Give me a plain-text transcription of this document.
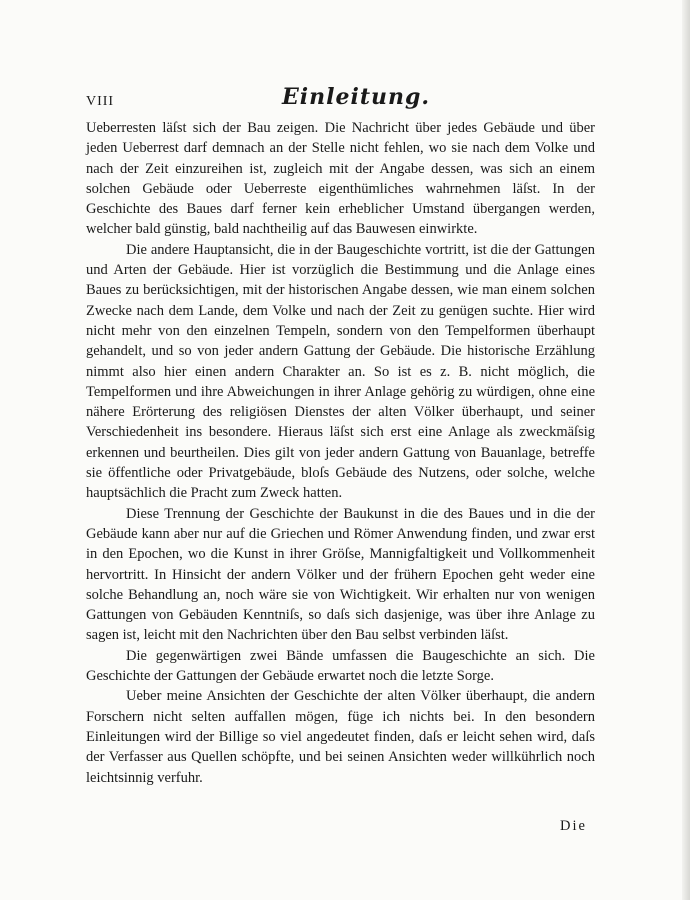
VIII	Einleitung.

Ueberresten läſst sich der Bau zeigen. Die Nachricht über jedes Gebäude und über jeden Ueberrest darf demnach an der Stelle nicht fehlen, wo sie nach dem Volke und nach der Zeit einzureihen ist, zugleich mit der Angabe dessen, was sich an einem solchen Gebäude oder Ueberreste eigenthümliches wahrnehmen läſst. In der Geschichte des Baues darf ferner kein erheblicher Umstand übergangen werden, welcher bald günstig, bald nachtheilig auf das Bauwesen einwirkte.

Die andere Hauptansicht, die in der Baugeschichte vortritt, ist die der Gattungen und Arten der Gebäude. Hier ist vorzüglich die Bestimmung und die Anlage eines Baues zu berücksichtigen, mit der historischen Angabe dessen, wie man einem solchen Zwecke nach dem Lande, dem Volke und nach der Zeit zu genügen suchte. Hier wird nicht mehr von den einzelnen Tempeln, sondern von den Tempelformen überhaupt gehandelt, und so von jeder andern Gattung der Gebäude. Die historische Erzählung nimmt also hier einen andern Charakter an. So ist es z. B. nicht möglich, die Tempelformen und ihre Abweichungen in ihrer Anlage gehörig zu würdigen, ohne eine nähere Erörterung des religiösen Dienstes der alten Völker überhaupt, und seiner Verschiedenheit ins besondere. Hieraus läſst sich erst eine Anlage als zweckmäſsig erkennen und beurtheilen. Dies gilt von jeder andern Gattung von Bauanlage, betreffe sie öffentliche oder Privatgebäude, bloſs Gebäude des Nutzens, oder solche, welche hauptsächlich die Pracht zum Zweck hatten.

Diese Trennung der Geschichte der Baukunst in die des Baues und in die der Gebäude kann aber nur auf die Griechen und Römer Anwendung finden, und zwar erst in den Epochen, wo die Kunst in ihrer Gröſse, Mannigfaltigkeit und Vollkommenheit hervortritt. In Hinsicht der andern Völker und der frühern Epochen geht weder eine solche Behandlung an, noch wäre sie von Wichtigkeit. Wir erhalten nur von wenigen Gattungen von Gebäuden Kenntniſs, so daſs sich dasjenige, was über ihre Anlage zu sagen ist, leicht mit den Nachrichten über den Bau selbst verbinden läſst.

Die gegenwärtigen zwei Bände umfassen die Baugeschichte an sich. Die Geschichte der Gattungen der Gebäude erwartet noch die letzte Sorge.

Ueber meine Ansichten der Geschichte der alten Völker überhaupt, die andern Forschern nicht selten auffallen mögen, füge ich nichts bei. In den besondern Einleitungen wird der Billige so viel angedeutet finden, daſs er leicht sehen wird, daſs der Verfasser aus Quellen schöpfte, und bei seinen Ansichten weder willkührlich noch leichtsinnig verfuhr.

Die
